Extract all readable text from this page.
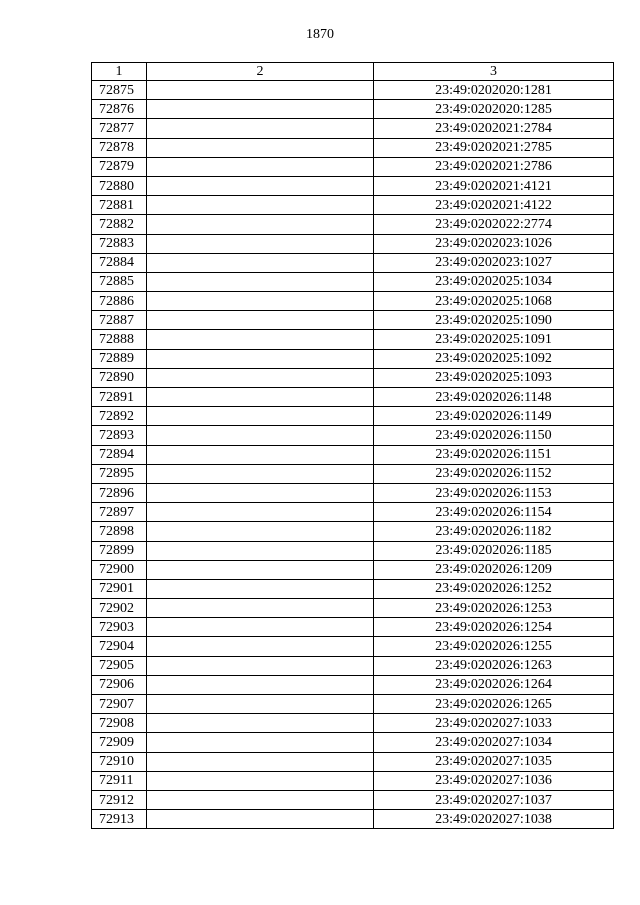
1870
1	2	3
72875		23:49:0202020:1281
72876		23:49:0202020:1285
72877		23:49:0202021:2784
72878		23:49:0202021:2785
72879		23:49:0202021:2786
72880		23:49:0202021:4121
72881		23:49:0202021:4122
72882		23:49:0202022:2774
72883		23:49:0202023:1026
72884		23:49:0202023:1027
72885		23:49:0202025:1034
72886		23:49:0202025:1068
72887		23:49:0202025:1090
72888		23:49:0202025:1091
72889		23:49:0202025:1092
72890		23:49:0202025:1093
72891		23:49:0202026:1148
72892		23:49:0202026:1149
72893		23:49:0202026:1150
72894		23:49:0202026:1151
72895		23:49:0202026:1152
72896		23:49:0202026:1153
72897		23:49:0202026:1154
72898		23:49:0202026:1182
72899		23:49:0202026:1185
72900		23:49:0202026:1209
72901		23:49:0202026:1252
72902		23:49:0202026:1253
72903		23:49:0202026:1254
72904		23:49:0202026:1255
72905		23:49:0202026:1263
72906		23:49:0202026:1264
72907		23:49:0202026:1265
72908		23:49:0202027:1033
72909		23:49:0202027:1034
72910		23:49:0202027:1035
72911		23:49:0202027:1036
72912		23:49:0202027:1037
72913		23:49:0202027:1038
